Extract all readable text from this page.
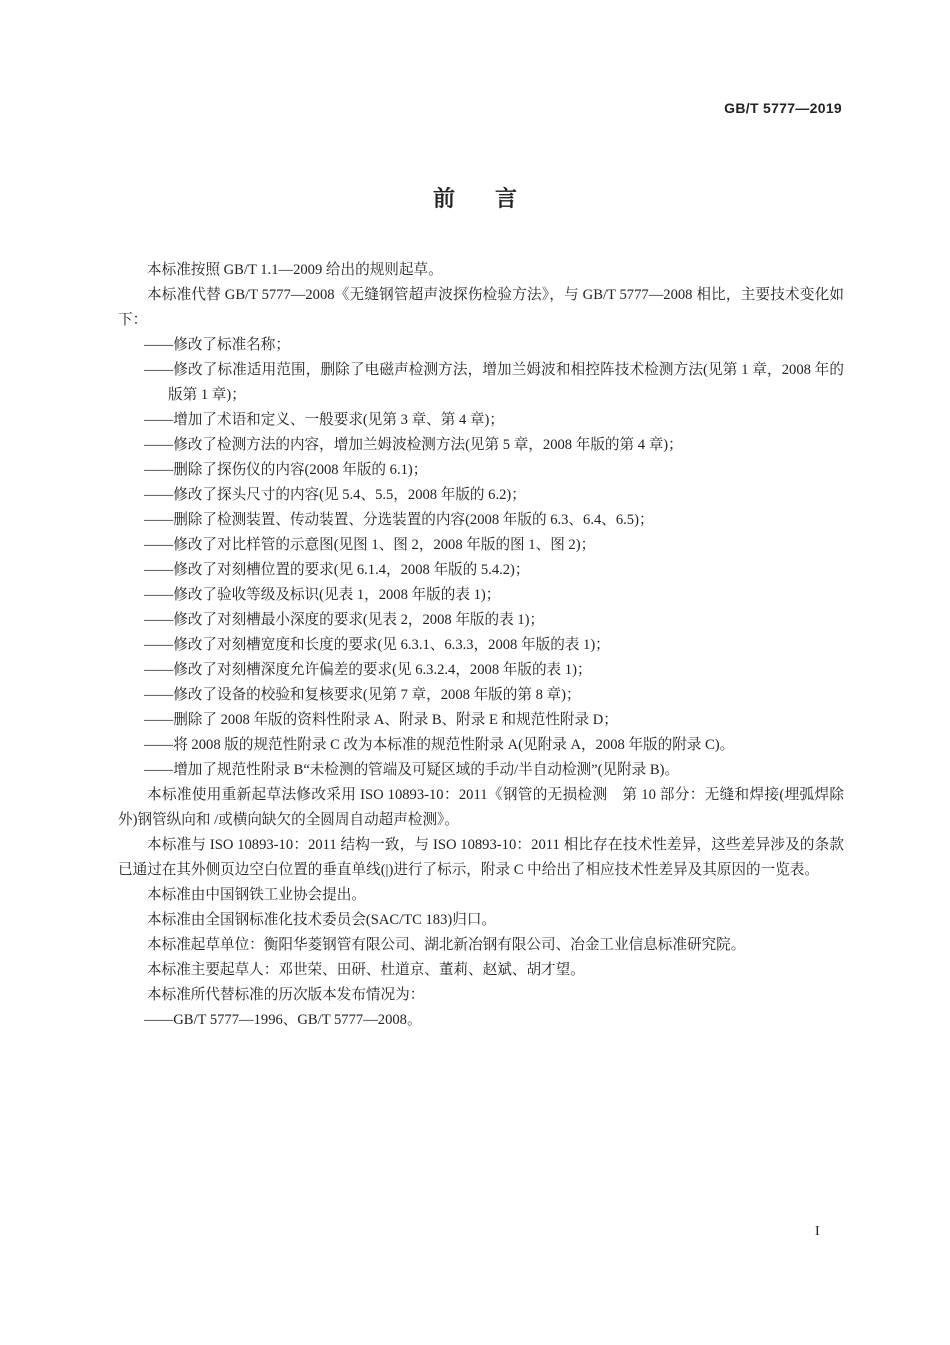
GB/T 5777—2019
前言

本标准按照 GB/T 1.1—2009 给出的规则起草。

本标准代替 GB/T 5777—2008《无缝钢管超声波探伤检验方法》，与 GB/T 5777—2008 相比，主要技术变化如下：

——修改了标准名称；

——修改了标准适用范围，删除了电磁声检测方法，增加兰姆波和相控阵技术检测方法(见第 1 章，2008 年的版第 1 章)；

——增加了术语和定义、一般要求(见第 3 章、第 4 章)；

——修改了检测方法的内容，增加兰姆波检测方法(见第 5 章，2008 年版的第 4 章)；

——删除了探伤仪的内容(2008 年版的 6.1)；

——修改了探头尺寸的内容(见 5.4、5.5，2008 年版的 6.2)；

——删除了检测装置、传动装置、分选装置的内容(2008 年版的 6.3、6.4、6.5)；

——修改了对比样管的示意图(见图 1、图 2，2008 年版的图 1、图 2)；

——修改了对刻槽位置的要求(见 6.1.4，2008 年版的 5.4.2)；

——修改了验收等级及标识(见表 1，2008 年版的表 1)；

——修改了对刻槽最小深度的要求(见表 2，2008 年版的表 1)；

——修改了对刻槽宽度和长度的要求(见 6.3.1、6.3.3，2008 年版的表 1)；

——修改了对刻槽深度允许偏差的要求(见 6.3.2.4，2008 年版的表 1)；

——修改了设备的校验和复核要求(见第 7 章，2008 年版的第 8 章)；

——删除了 2008 年版的资料性附录 A、附录 B、附录 E 和规范性附录 D；

——将 2008 版的规范性附录 C 改为本标准的规范性附录 A(见附录 A，2008 年版的附录 C)。

——增加了规范性附录 B“未检测的管端及可疑区域的手动/半自动检测”(见附录 B)。

本标准使用重新起草法修改采用 ISO 10893-10：2011《钢管的无损检测　第 10 部分：无缝和焊接(埋弧焊除外)钢管纵向和 /或横向缺欠的全圆周自动超声检测》。

本标准与 ISO 10893-10：2011 结构一致，与 ISO 10893-10：2011 相比存在技术性差异，这些差异涉及的条款已通过在其外侧页边空白位置的垂直单线(|)进行了标示，附录 C 中给出了相应技术性差异及其原因的一览表。

本标准由中国钢铁工业协会提出。

本标准由全国钢标准化技术委员会(SAC/TC 183)归口。

本标准起草单位：衡阳华菱钢管有限公司、湖北新冶钢有限公司、冶金工业信息标准研究院。

本标准主要起草人：邓世荣、田研、杜道京、董莉、赵斌、胡才望。

本标准所代替标准的历次版本发布情况为：

——GB/T 5777—1996、GB/T 5777—2008。

I
